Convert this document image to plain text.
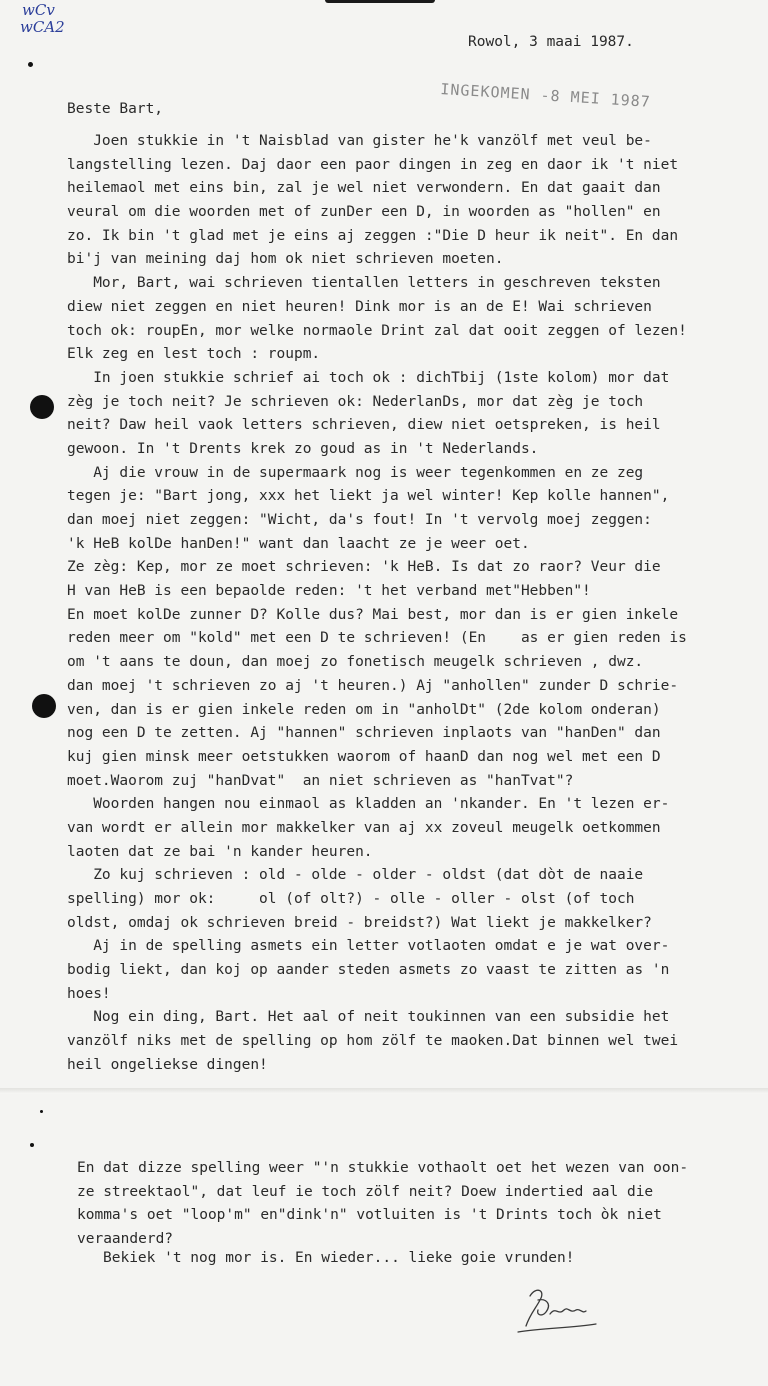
wCv
wCA2
Rowol, 3 maai 1987.
INGEKOMEN -8 MEI 1987
Beste Bart,
Joen stukkie in 't Naisblad van gister he'k vanzölf met veul be-
langstelling lezen. Daj daor een paor dingen in zeg en daor ik 't niet
heilemaol met eins bin, zal je wel niet verwondern. En dat gaait dan
veural om die woorden met of zunDer een D, in woorden as "hollen" en
zo. Ik bin 't glad met je eins aj zeggen :"Die D heur ik neit". En dan
bi'j van meining daj hom ok niet schrieven moeten.
Mor, Bart, wai schrieven tientallen letters in geschreven teksten
diew niet zeggen en niet heuren! Dink mor is an de E! Wai schrieven
toch ok: roupEn, mor welke normaole Drint zal dat ooit zeggen of lezen!
Elk zeg en lest toch : roupm.
In joen stukkie schrief ai toch ok : dichTbij (1ste kolom) mor dat
zèg je toch neit? Je schrieven ok: NederlanDs, mor dat zèg je toch
neit? Daw heil vaok letters schrieven, diew niet oetspreken, is heil
gewoon. In 't Drents krek zo goud as in 't Nederlands.
Aj die vrouw in de supermaark nog is weer tegenkommen en ze zeg
tegen je: "Bart jong, xxx het liekt ja wel winter! Kep kolle hannen",
dan moej niet zeggen: "Wicht, da's fout! In 't vervolg moej zeggen:
'k HeB kolDe hanDen!" want dan laacht ze je weer oet.
Ze zèg: Kep, mor ze moet schrieven: 'k HeB. Is dat zo raor? Veur die
H van HeB is een bepaolde reden: 't het verband met"Hebben"!
En moet kolDe zunner D? Kolle dus? Mai best, mor dan is er gien inkele
reden meer om "kold" met een D te schrieven! (En    as er gien reden is
om 't aans te doun, dan moej zo fonetisch meugelk schrieven , dwz.
dan moej 't schrieven zo aj 't heuren.) Aj "anhollen" zunder D schrie-
ven, dan is er gien inkele reden om in "anholDt" (2de kolom onderan)
nog een D te zetten. Aj "hannen" schrieven inplaots van "hanDen" dan
kuj gien minsk meer oetstukken waorom of haanD dan nog wel met een D
moet.Waorom zuj "hanDvat"  an niet schrieven as "hanTvat"?
Woorden hangen nou einmaol as kladden an 'nkander. En 't lezen er-
van wordt er allein mor makkelker van aj xx zoveul meugelk oetkommen
laoten dat ze bai 'n kander heuren.
Zo kuj schrieven : old - olde - older - oldst (dat dòt de naaie
spelling) mor ok:     ol (of olt?) - olle - oller - olst (of toch
oldst, omdaj ok schrieven breid - breidst?) Wat liekt je makkelker?
Aj in de spelling asmets ein letter votlaoten omdat e je wat over-
bodig liekt, dan koj op aander steden asmets zo vaast te zitten as 'n
hoes!
Nog ein ding, Bart. Het aal of neit toukinnen van een subsidie het
vanzölf niks met de spelling op hom zölf te maoken.Dat binnen wel twei
heil ongeliekse dingen!
En dat dizze spelling weer "'n stukkie vothaolt oet het wezen van oon-
ze streektaol", dat leuf ie toch zölf neit? Doew indertied aal die
komma's oet "loop'm" en"dink'n" votluiten is 't Drints toch òk niet
veraanderd?
Bekiek 't nog mor is. En wieder... lieke goie vrunden!
